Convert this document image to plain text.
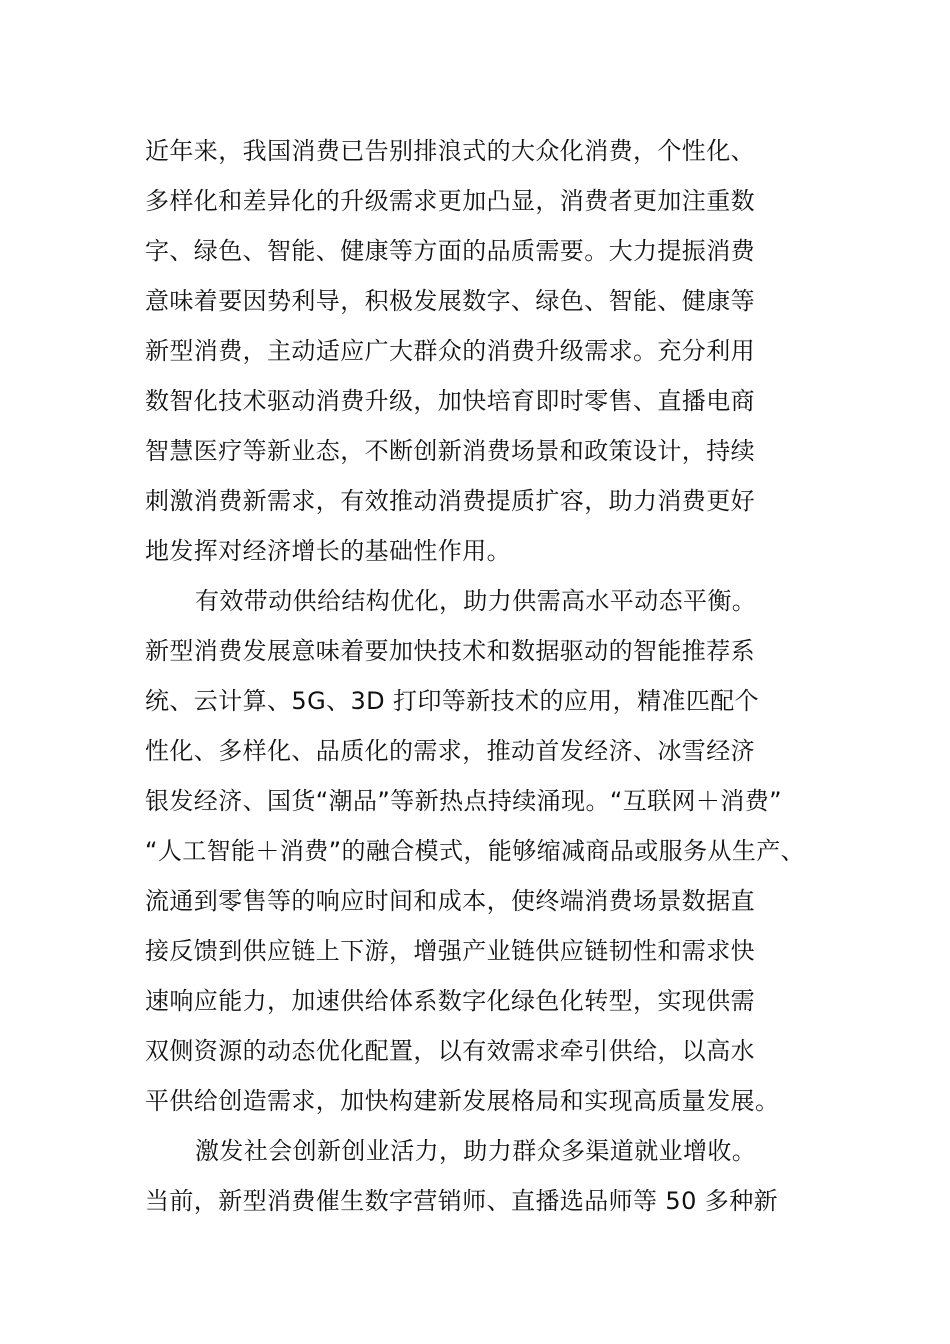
近年来，我国消费已告别排浪式的大众化消费，个性化、
多样化和差异化的升级需求更加凸显，消费者更加注重数
字、绿色、智能、健康等方面的品质需要。大力提振消费
意味着要因势利导，积极发展数字、绿色、智能、健康等
新型消费，主动适应广大群众的消费升级需求。充分利用
数智化技术驱动消费升级，加快培育即时零售、直播电商
智慧医疗等新业态，不断创新消费场景和政策设计，持续
刺激消费新需求，有效推动消费提质扩容，助力消费更好
地发挥对经济增长的基础性作用。
有效带动供给结构优化，助力供需高水平动态平衡。
新型消费发展意味着要加快技术和数据驱动的智能推荐系
统、云计算、5G、3D 打印等新技术的应用，精准匹配个
性化、多样化、品质化的需求，推动首发经济、冰雪经济
银发经济、国货“潮品”等新热点持续涌现。“互联网＋消费”
“人工智能＋消费”的融合模式，能够缩减商品或服务从生产、
流通到零售等的响应时间和成本，使终端消费场景数据直
接反馈到供应链上下游，增强产业链供应链韧性和需求快
速响应能力，加速供给体系数字化绿色化转型，实现供需
双侧资源的动态优化配置，以有效需求牵引供给，以高水
平供给创造需求，加快构建新发展格局和实现高质量发展。
激发社会创新创业活力，助力群众多渠道就业增收。
当前，新型消费催生数字营销师、直播选品师等 50 多种新
